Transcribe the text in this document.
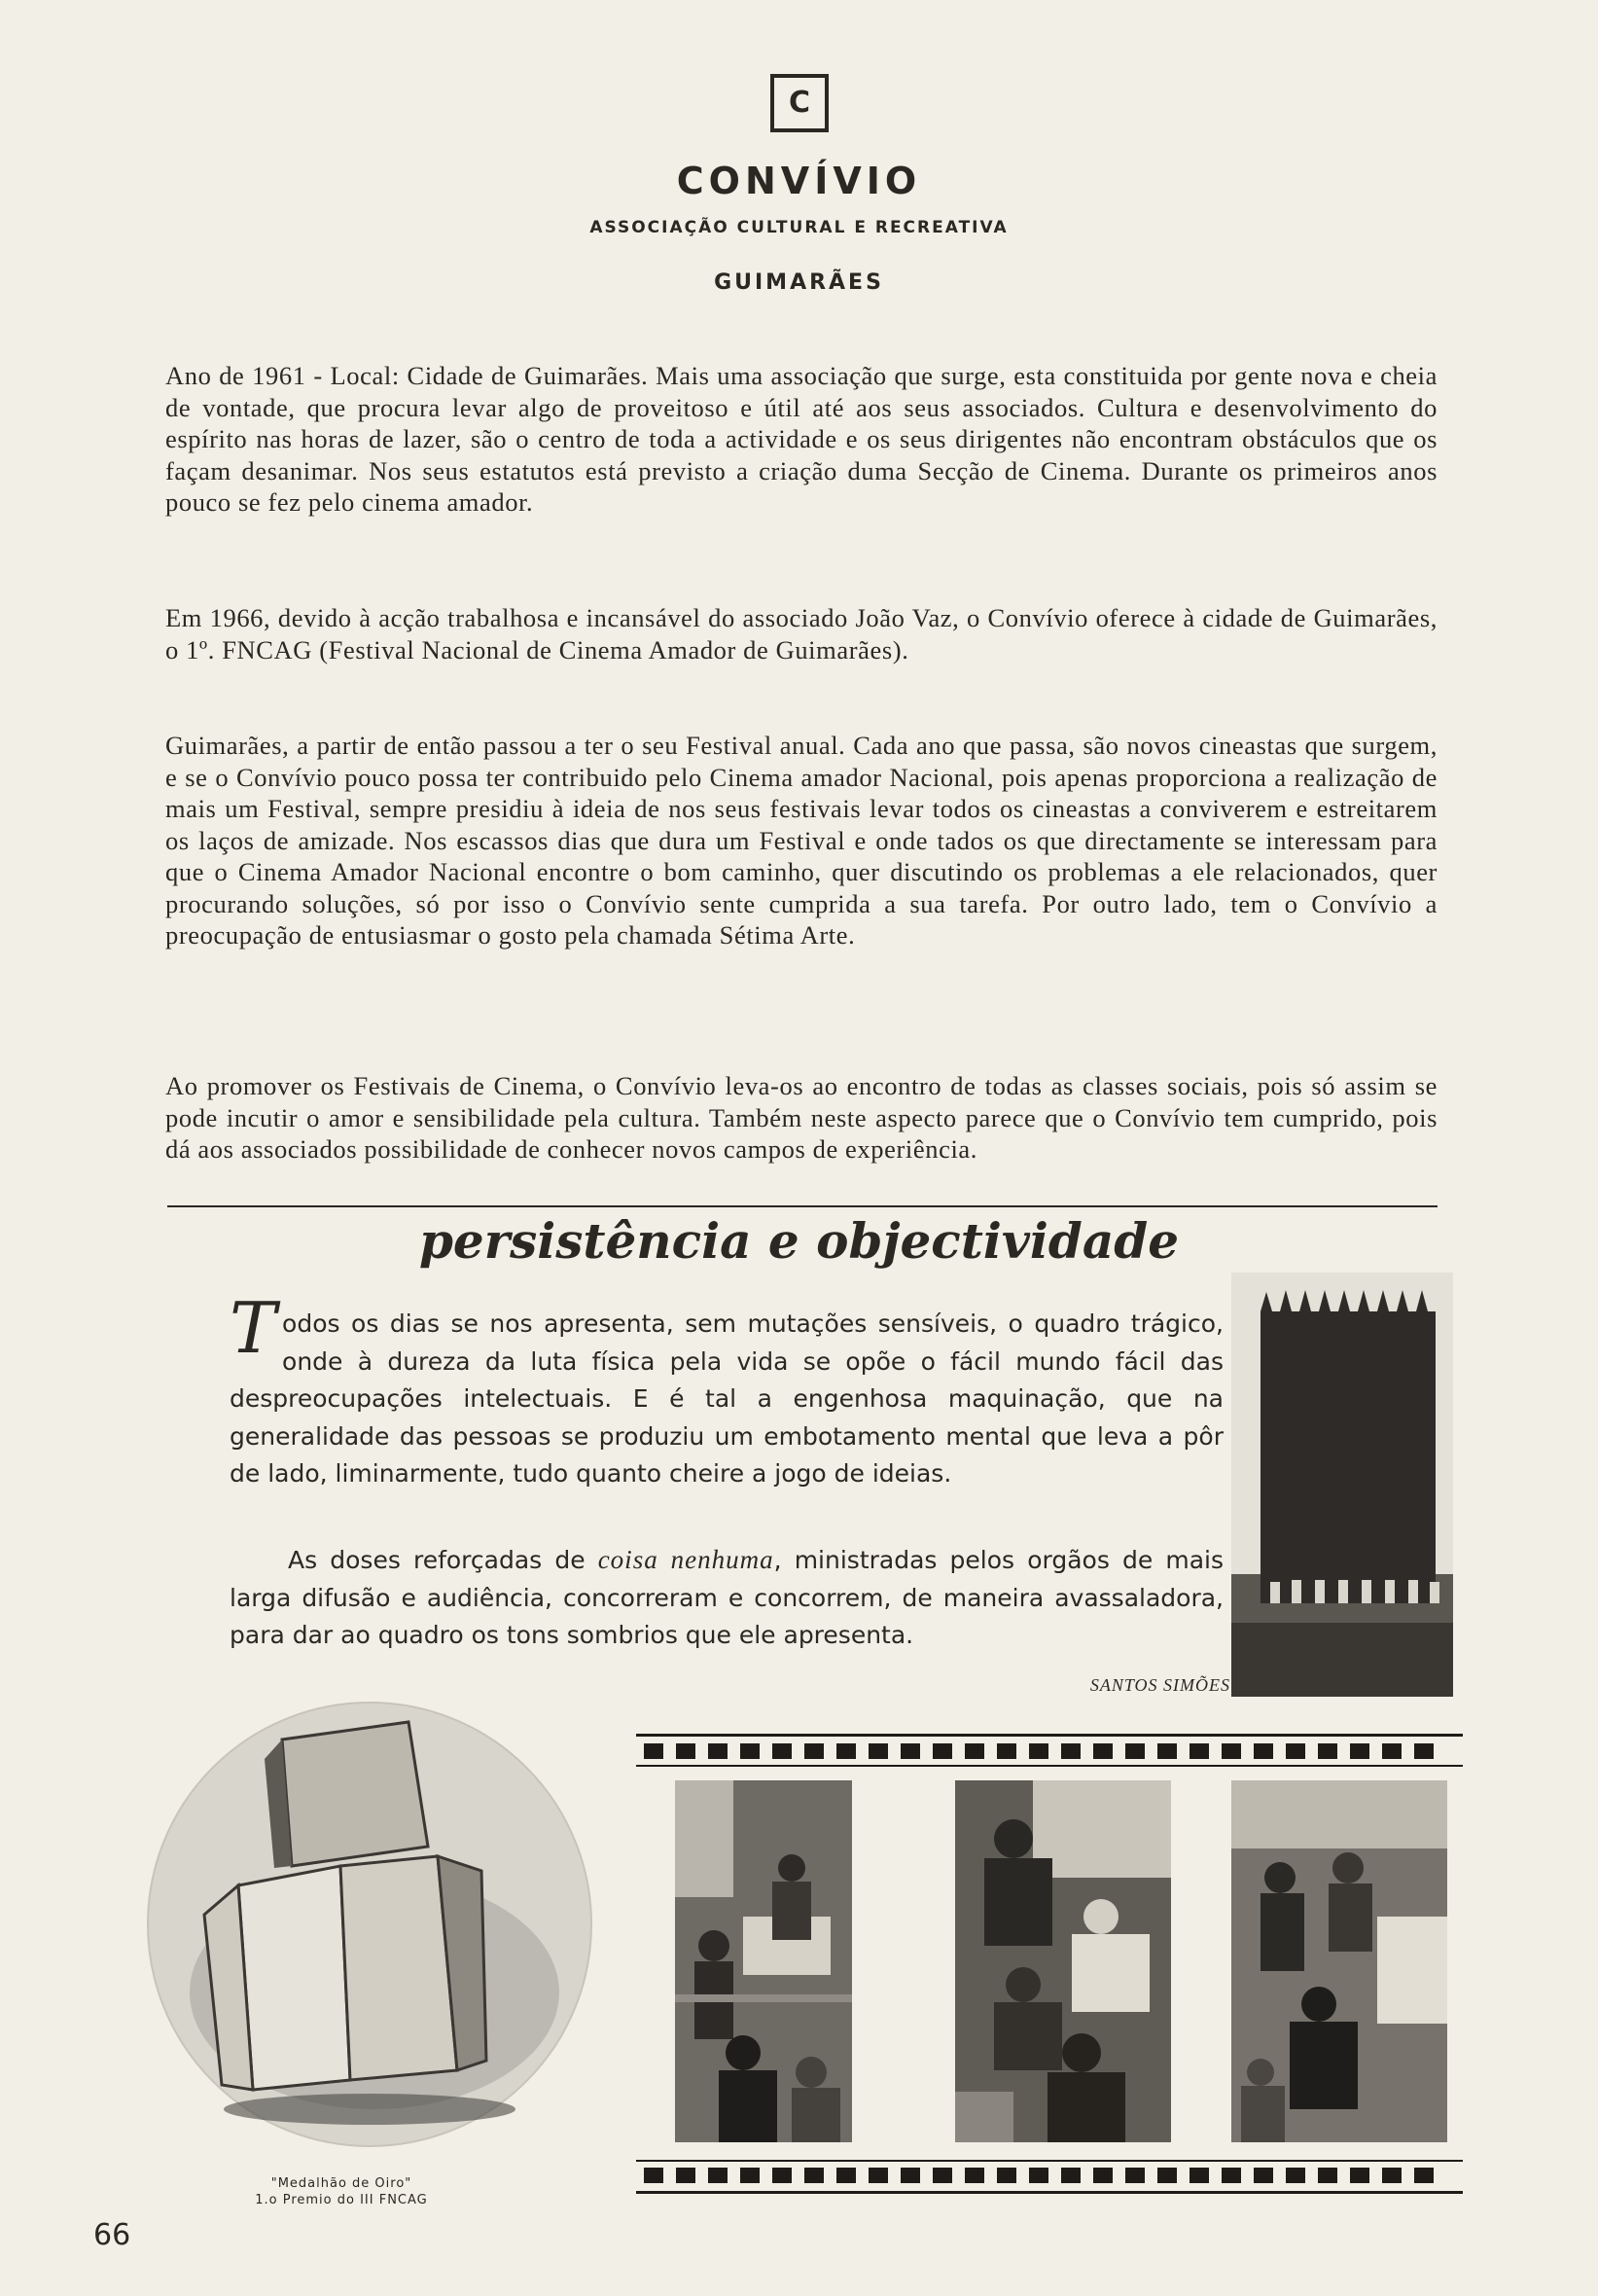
C
CONVÍVIO
ASSOCIAÇÃO CULTURAL E RECREATIVA
GUIMARÃES

Ano de 1961 - Local: Cidade de Guimarães. Mais uma associação que surge, esta constituida por gente nova e cheia de vontade, que procura levar algo de proveitoso e útil até aos seus associados. Cultura e desenvolvimento do espírito nas horas de lazer, são o centro de toda a actividade e os seus dirigentes não encontram obstáculos que os façam desanimar. Nos seus estatutos está previsto a criação duma Secção de Cinema. Durante os primeiros anos pouco se fez pelo cinema amador.

Em 1966, devido à acção trabalhosa e incansável do associado João Vaz, o Convívio oferece à cidade de Guimarães, o 1º. FNCAG (Festival Nacional de Cinema Amador de Guimarães).

Guimarães, a partir de então passou a ter o seu Festival anual. Cada ano que passa, são novos cineastas que surgem, e se o Convívio pouco possa ter contribuido pelo Cinema amador Nacional, pois apenas proporciona a realização de mais um Festival, sempre presidiu à ideia de nos seus festivais levar todos os cineastas a conviverem e estreitarem os laços de amizade. Nos escassos dias que dura um Festival e onde tados os que directamente se interessam para que o Cinema Amador Nacional encontre o bom caminho, quer discutindo os problemas a ele relacionados, quer procurando soluções, só por isso o Convívio sente cumprida a sua tarefa. Por outro lado, tem o Convívio a preocupação de entusiasmar o gosto pela chamada Sétima Arte.

Ao promover os Festivais de Cinema, o Convívio leva-os ao encontro de todas as classes sociais, pois só assim se pode incutir o amor e sensibilidade pela cultura. Também neste aspecto parece que o Convívio tem cumprido, pois dá aos associados possibilidade de conhecer novos campos de experiência.

persistência e objectividade

T odos os dias se nos apresenta, sem mutações sensíveis, o quadro trágico, onde à dureza da luta física pela vida se opõe o fácil mundo fácil das despreocupações intelectuais. E é tal a engenhosa maquinação, que na generalidade das pessoas se produziu um embotamento mental que leva a pôr de lado, liminarmente, tudo quanto cheire a jogo de ideias.

As doses reforçadas de coisa nenhuma, ministradas pelos orgãos de mais larga difusão e audiência, concorreram e concorrem, de maneira avassaladora, para dar ao quadro os tons sombrios que ele apresenta.

SANTOS SIMÕES
"Medalhão de Oiro"
1.o Premio do III FNCAG
66
